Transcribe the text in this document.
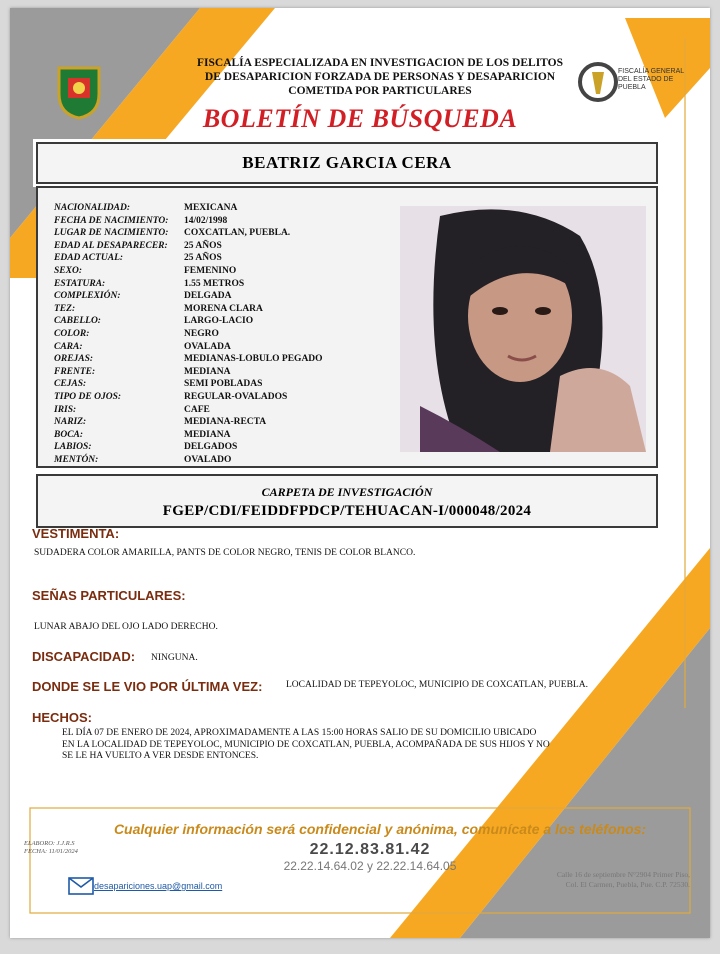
FISCALÍA ESPECIALIZADA EN INVESTIGACION DE LOS DELITOS
DE DESAPARICION FORZADA DE PERSONAS Y DESAPARICION
COMETIDA POR PARTICULARES
FISCALÍA GENERAL
DEL ESTADO DE
PUEBLA
BOLETÍN DE BÚSQUEDA
BEATRIZ GARCIA CERA
NACIONALIDAD:	MEXICANA
FECHA DE NACIMIENTO:	14/02/1998
LUGAR DE NACIMIENTO:	COXCATLAN, PUEBLA.
EDAD AL DESAPARECER:	25 AÑOS
EDAD ACTUAL:	25 AÑOS
SEXO:	FEMENINO
ESTATURA:	1.55 METROS
COMPLEXIÓN:	DELGADA
TEZ:	MORENA CLARA
CABELLO:	LARGO-LACIO
COLOR:	NEGRO
CARA:	OVALADA
OREJAS:	MEDIANAS-LOBULO PEGADO
FRENTE:	MEDIANA
CEJAS:	SEMI POBLADAS
TIPO DE OJOS:	REGULAR-OVALADOS
IRIS:	CAFE
NARIZ:	MEDIANA-RECTA
BOCA:	MEDIANA
LABIOS:	DELGADOS
MENTÓN:	OVALADO
CARPETA DE INVESTIGACIÓN
FGEP/CDI/FEIDDFPDCP/TEHUACAN-I/000048/2024
VESTIMENTA:
SUDADERA COLOR AMARILLA, PANTS DE COLOR NEGRO, TENIS DE COLOR BLANCO.
SEÑAS PARTICULARES:
LUNAR ABAJO DEL OJO LADO DERECHO.
DISCAPACIDAD: NINGUNA.
DONDE SE LE VIO POR ÚLTIMA VEZ: LOCALIDAD DE TEPEYOLOC, MUNICIPIO DE COXCATLAN, PUEBLA.
HECHOS:
EL DÍA 07 DE ENERO DE 2024, APROXIMADAMENTE A LAS 15:00 HORAS SALIO DE SU DOMICILIO UBICADO
EN LA LOCALIDAD DE TEPEYOLOC, MUNICIPIO DE COXCATLAN, PUEBLA, ACOMPAÑADA DE SUS HIJOS Y NO
SE LE HA VUELTO A VER DESDE ENTONCES.
Cualquier información será confidencial y anónima, comunícate a los teléfonos:
22.12.83.81.42
22.22.14.64.02 y 22.22.14.64.05
ELABORO: J.J.R.S
FECHA: 11/01/2024
desapariciones.uap@gmail.com
Calle 16 de septiembre N°2904 Primer Piso,
Col. El Carmen, Puebla, Pue. C.P. 72530.
